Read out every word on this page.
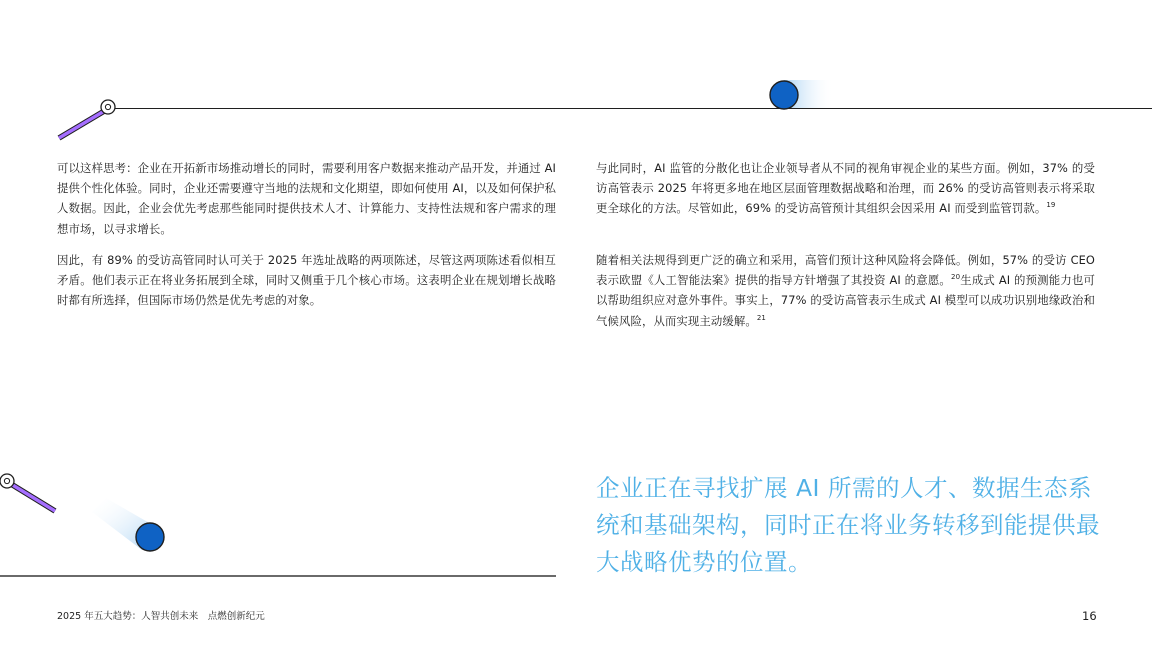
可以这样思考：企业在开拓新市场推动增长的同时，需要利用客户数据来推动产品开发，并通过 AI 提供个性化体验。同时，企业还需要遵守当地的法规和文化期望，即如何使用 AI，以及如何保护私人数据。因此，企业会优先考虑那些能同时提供技术人才、计算能力、支持性法规和客户需求的理想市场，以寻求增长。

因此，有 89% 的受访高管同时认可关于 2025 年选址战略的两项陈述，尽管这两项陈述看似相互矛盾。他们表示正在将业务拓展到全球，同时又侧重于几个核心市场。这表明企业在规划增长战略时都有所选择，但国际市场仍然是优先考虑的对象。

与此同时，AI 监管的分散化也让企业领导者从不同的视角审视企业的某些方面。例如，37% 的受访高管表示 2025 年将更多地在地区层面管理数据战略和治理，而 26% 的受访高管则表示将采取更全球化的方法。尽管如此，69% 的受访高管预计其组织会因采用 AI 而受到监管罚款。$^{19}$

随着相关法规得到更广泛的确立和采用，高管们预计这种风险将会降低。例如，57% 的受访 CEO 表示欧盟《人工智能法案》提供的指导方针增强了其投资 AI 的意愿。$^{20}$生成式 AI 的预测能力也可以帮助组织应对意外事件。事实上，77% 的受访高管表示生成式 AI 模型可以成功识别地缘政治和气候风险，从而实现主动缓解。$^{21}$

企业正在寻找扩展 AI 所需的人才、数据生态系统和基础架构，同时正在将业务转移到能提供最大战略优势的位置。

2025 年五大趋势：人智共创未来　点燃创新纪元	16
